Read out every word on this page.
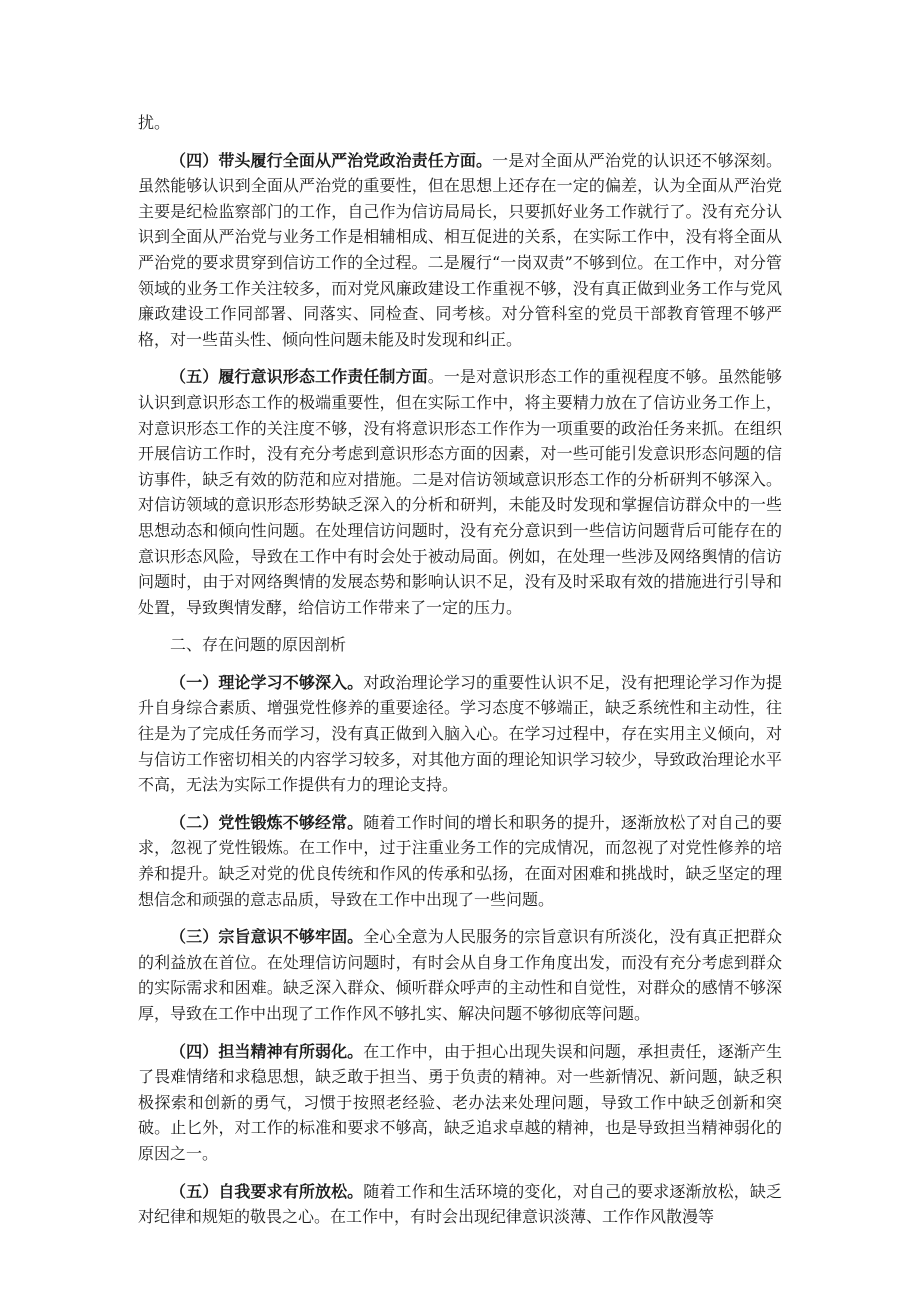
扰。

（四）带头履行全面从严治党政治责任方面。一是对全面从严治党的认识还不够深刻。虽然能够认识到全面从严治党的重要性，但在思想上还存在一定的偏差，认为全面从严治党主要是纪检监察部门的工作，自己作为信访局局长，只要抓好业务工作就行了。没有充分认识到全面从严治党与业务工作是相辅相成、相互促进的关系，在实际工作中，没有将全面从严治党的要求贯穿到信访工作的全过程。二是履行“一岗双责”不够到位。在工作中，对分管领域的业务工作关注较多，而对党风廉政建设工作重视不够，没有真正做到业务工作与党风廉政建设工作同部署、同落实、同检查、同考核。对分管科室的党员干部教育管理不够严格，对一些苗头性、倾向性问题未能及时发现和纠正。

（五）履行意识形态工作责任制方面。一是对意识形态工作的重视程度不够。虽然能够认识到意识形态工作的极端重要性，但在实际工作中，将主要精力放在了信访业务工作上，对意识形态工作的关注度不够，没有将意识形态工作作为一项重要的政治任务来抓。在组织开展信访工作时，没有充分考虑到意识形态方面的因素，对一些可能引发意识形态问题的信访事件，缺乏有效的防范和应对措施。二是对信访领域意识形态工作的分析研判不够深入。对信访领域的意识形态形势缺乏深入的分析和研判，未能及时发现和掌握信访群众中的一些思想动态和倾向性问题。在处理信访问题时，没有充分意识到一些信访问题背后可能存在的意识形态风险，导致在工作中有时会处于被动局面。例如，在处理一些涉及网络舆情的信访问题时，由于对网络舆情的发展态势和影响认识不足，没有及时采取有效的措施进行引导和处置，导致舆情发酵，给信访工作带来了一定的压力。

二、存在问题的原因剖析

（一）理论学习不够深入。对政治理论学习的重要性认识不足，没有把理论学习作为提升自身综合素质、增强党性修养的重要途径。学习态度不够端正，缺乏系统性和主动性，往往是为了完成任务而学习，没有真正做到入脑入心。在学习过程中，存在实用主义倾向，对与信访工作密切相关的内容学习较多，对其他方面的理论知识学习较少，导致政治理论水平不高，无法为实际工作提供有力的理论支持。

（二）党性锻炼不够经常。随着工作时间的增长和职务的提升，逐渐放松了对自己的要求，忽视了党性锻炼。在工作中，过于注重业务工作的完成情况，而忽视了对党性修养的培养和提升。缺乏对党的优良传统和作风的传承和弘扬，在面对困难和挑战时，缺乏坚定的理想信念和顽强的意志品质，导致在工作中出现了一些问题。

（三）宗旨意识不够牢固。全心全意为人民服务的宗旨意识有所淡化，没有真正把群众的利益放在首位。在处理信访问题时，有时会从自身工作角度出发，而没有充分考虑到群众的实际需求和困难。缺乏深入群众、倾听群众呼声的主动性和自觉性，对群众的感情不够深厚，导致在工作中出现了工作作风不够扎实、解决问题不够彻底等问题。

（四）担当精神有所弱化。在工作中，由于担心出现失误和问题，承担责任，逐渐产生了畏难情绪和求稳思想，缺乏敢于担当、勇于负责的精神。对一些新情况、新问题，缺乏积极探索和创新的勇气，习惯于按照老经验、老办法来处理问题，导致工作中缺乏创新和突破。止匕外，对工作的标准和要求不够高，缺乏追求卓越的精神，也是导致担当精神弱化的原因之一。

（五）自我要求有所放松。随着工作和生活环境的变化，对自己的要求逐渐放松，缺乏对纪律和规矩的敬畏之心。在工作中，有时会出现纪律意识淡薄、工作作风散漫等
